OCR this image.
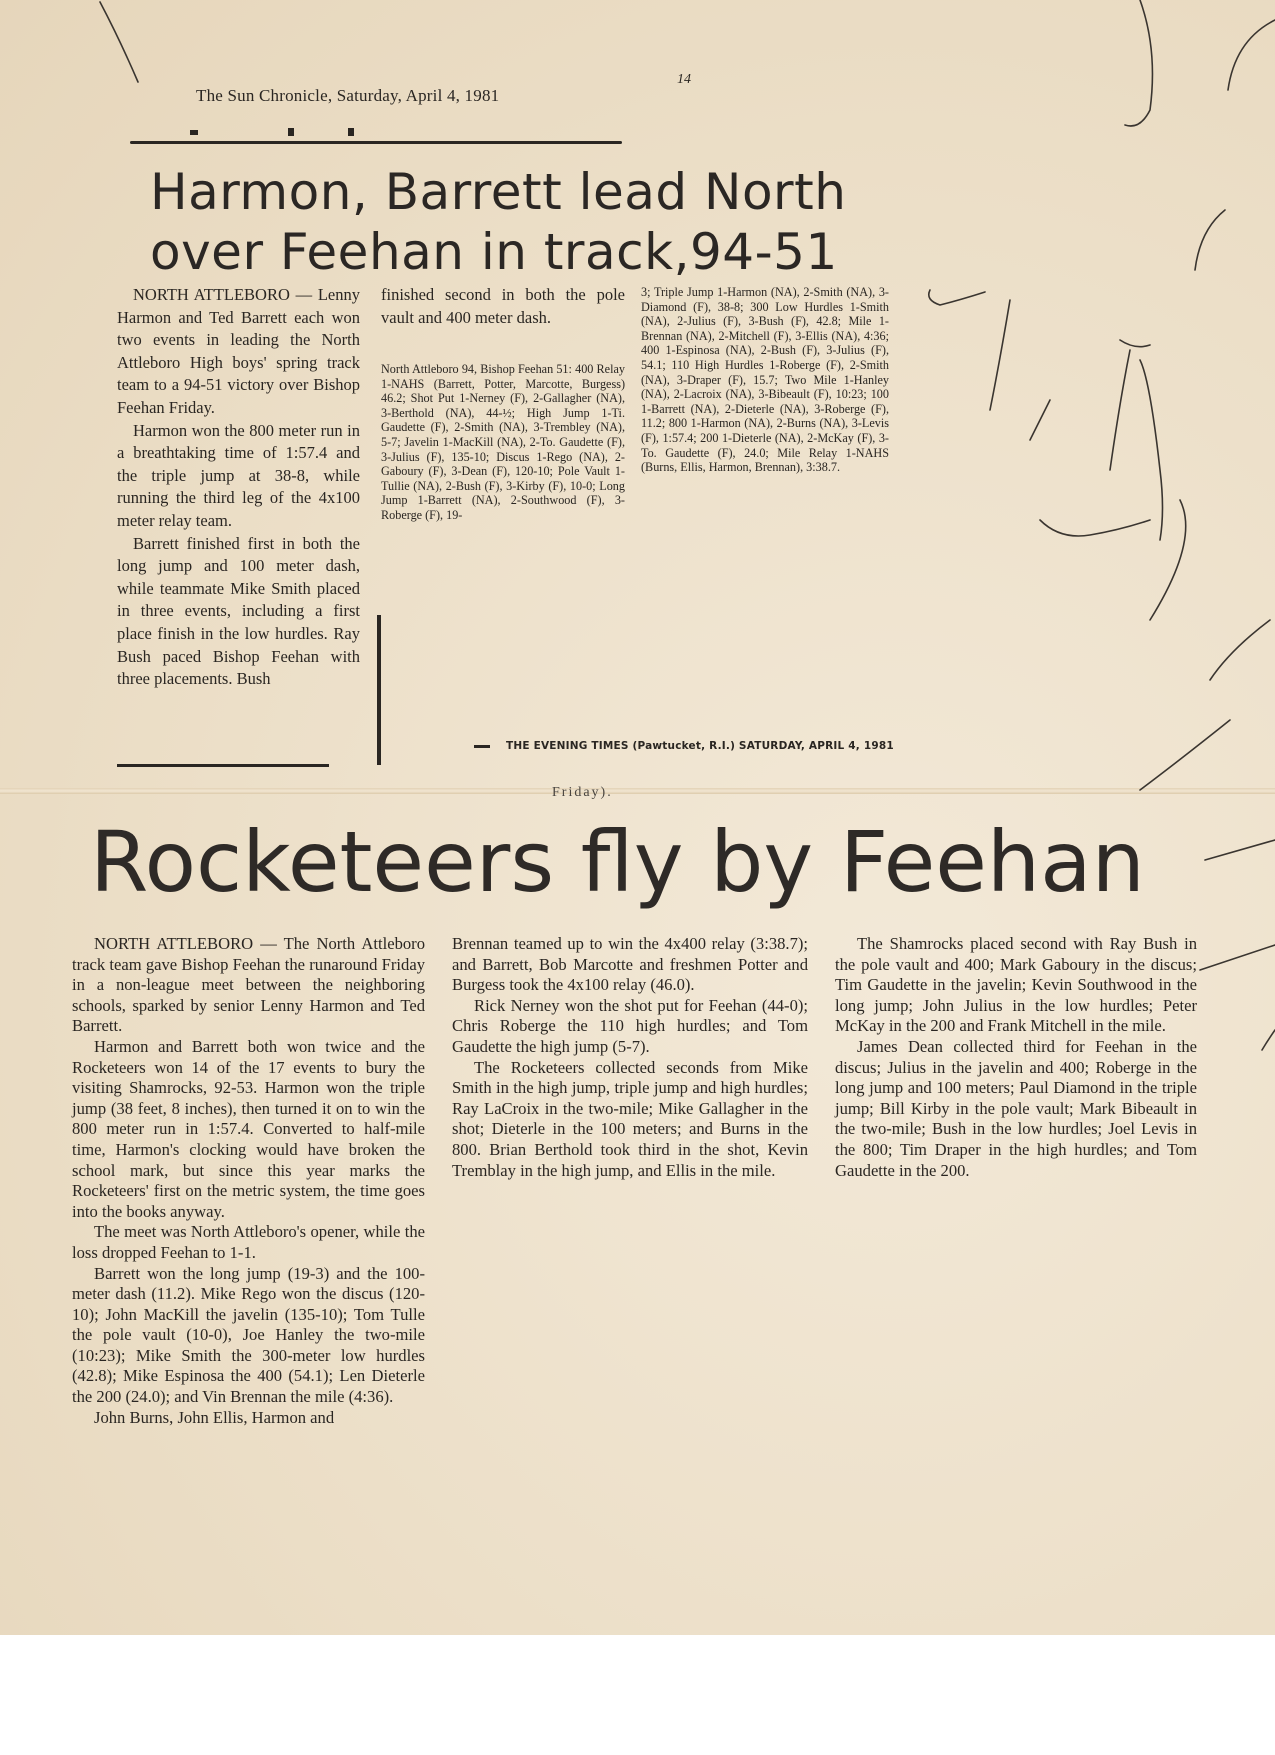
The Sun Chronicle, Saturday, April 4, 1981
14
Harmon, Barrett lead North
over Feehan in track,94-51

NORTH ATTLEBORO — Lenny Harmon and Ted Barrett each won two events in leading the North Attleboro High boys' spring track team to a 94-51 victory over Bishop Feehan Friday.

Harmon won the 800 meter run in a breathtaking time of 1:57.4 and the triple jump at 38-8, while running the third leg of the 4x100 meter relay team.

Barrett finished first in both the long jump and 100 meter dash, while teammate Mike Smith placed in three events, including a first place finish in the low hurdles. Ray Bush paced Bishop Feehan with three placements. Bush

finished second in both the pole vault and 400 meter dash.

North Attleboro 94, Bishop Feehan 51: 400 Relay 1-NAHS (Barrett, Potter, Marcotte, Burgess) 46.2; Shot Put 1-Nerney (F), 2-Gallagher (NA), 3-Berthold (NA), 44-½; High Jump 1-Ti. Gaudette (F), 2-Smith (NA), 3-Trembley (NA), 5-7; Javelin 1-MacKill (NA), 2-To. Gaudette (F), 3-Julius (F), 135-10; Discus 1-Rego (NA), 2-Gaboury (F), 3-Dean (F), 120-10; Pole Vault 1-Tullie (NA), 2-Bush (F), 3-Kirby (F), 10-0; Long Jump 1-Barrett (NA), 2-Southwood (F), 3-Roberge (F), 19-
3; Triple Jump 1-Harmon (NA), 2-Smith (NA), 3-Diamond (F), 38-8; 300 Low Hurdles 1-Smith (NA), 2-Julius (F), 3-Bush (F), 42.8; Mile 1-Brennan (NA), 2-Mitchell (F), 3-Ellis (NA), 4:36; 400 1-Espinosa (NA), 2-Bush (F), 3-Julius (F), 54.1; 110 High Hurdles 1-Roberge (F), 2-Smith (NA), 3-Draper (F), 15.7; Two Mile 1-Hanley (NA), 2-Lacroix (NA), 3-Bibeault (F), 10:23; 100 1-Barrett (NA), 2-Dieterle (NA), 3-Roberge (F), 11.2; 800 1-Harmon (NA), 2-Burns (NA), 3-Levis (F), 1:57.4; 200 1-Dieterle (NA), 2-McKay (F), 3-To. Gaudette (F), 24.0; Mile Relay 1-NAHS (Burns, Ellis, Harmon, Brennan), 3:38.7.
THE EVENING TIMES (Pawtucket, R.I.) SATURDAY, APRIL 4, 1981
Friday).
Rocketeers fly by Feehan

NORTH ATTLEBORO — The North Attleboro track team gave Bishop Feehan the runaround Friday in a non-league meet between the neighboring schools, sparked by senior Lenny Harmon and Ted Barrett.

Harmon and Barrett both won twice and the Rocketeers won 14 of the 17 events to bury the visiting Shamrocks, 92-53. Harmon won the triple jump (38 feet, 8 inches), then turned it on to win the 800 meter run in 1:57.4. Converted to half-mile time, Harmon's clocking would have broken the school mark, but since this year marks the Rocketeers' first on the metric system, the time goes into the books anyway.

The meet was North Attleboro's opener, while the loss dropped Feehan to 1-1.

Barrett won the long jump (19-3) and the 100-meter dash (11.2). Mike Rego won the discus (120-10); John MacKill the javelin (135-10); Tom Tulle the pole vault (10-0), Joe Hanley the two-mile (10:23); Mike Smith the 300-meter low hurdles (42.8); Mike Espinosa the 400 (54.1); Len Dieterle the 200 (24.0); and Vin Brennan the mile (4:36).

John Burns, John Ellis, Harmon and

Brennan teamed up to win the 4x400 relay (3:38.7); and Barrett, Bob Marcotte and freshmen Potter and Burgess took the 4x100 relay (46.0).

Rick Nerney won the shot put for Feehan (44-0); Chris Roberge the 110 high hurdles; and Tom Gaudette the high jump (5-7).

The Rocketeers collected seconds from Mike Smith in the high jump, triple jump and high hurdles; Ray LaCroix in the two-mile; Mike Gallagher in the shot; Dieterle in the 100 meters; and Burns in the 800. Brian Berthold took third in the shot, Kevin Tremblay in the high jump, and Ellis in the mile.

The Shamrocks placed second with Ray Bush in the pole vault and 400; Mark Gaboury in the discus; Tim Gaudette in the javelin; Kevin Southwood in the long jump; John Julius in the low hurdles; Peter McKay in the 200 and Frank Mitchell in the mile.

James Dean collected third for Feehan in the discus; Julius in the javelin and 400; Roberge in the long jump and 100 meters; Paul Diamond in the triple jump; Bill Kirby in the pole vault; Mark Bibeault in the two-mile; Bush in the low hurdles; Joel Levis in the 800; Tim Draper in the high hurdles; and Tom Gaudette in the 200.
